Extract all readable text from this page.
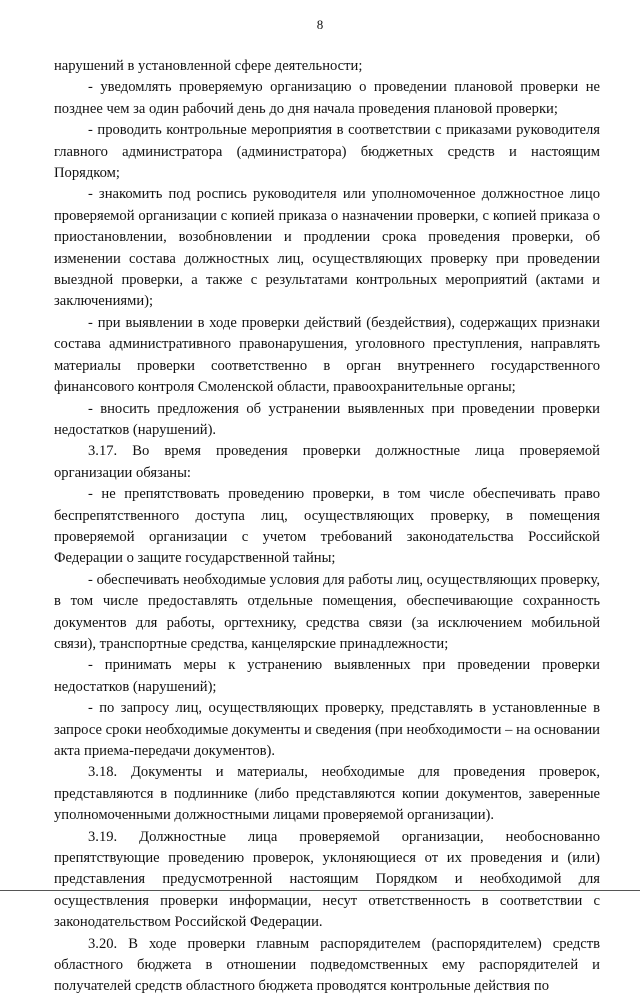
8

нарушений в установленной сфере деятельности;

- уведомлять проверяемую организацию о проведении плановой проверки не позднее чем за один рабочий день до дня начала проведения плановой проверки;

- проводить контрольные мероприятия в соответствии с приказами руководителя главного администратора (администратора) бюджетных средств и настоящим Порядком;

- знакомить под роспись руководителя или уполномоченное должностное лицо проверяемой организации с копией приказа о назначении проверки, с копией приказа о приостановлении, возобновлении и продлении срока проведения проверки, об изменении состава должностных лиц, осуществляющих проверку при проведении выездной проверки, а также с результатами контрольных мероприятий (актами и заключениями);

- при выявлении в ходе проверки действий (бездействия), содержащих признаки состава административного правонарушения, уголовного преступления, направлять материалы проверки соответственно в орган внутреннего государственного финансового контроля Смоленской области, правоохранительные органы;

- вносить предложения об устранении выявленных при проведении проверки недостатков (нарушений).

3.17. Во время проведения проверки должностные лица проверяемой организации обязаны:

- не препятствовать проведению проверки, в том числе обеспечивать право беспрепятственного доступа лиц, осуществляющих проверку, в помещения проверяемой организации с учетом требований законодательства Российской Федерации о защите государственной тайны;

- обеспечивать необходимые условия для работы лиц, осуществляющих проверку, в том числе предоставлять отдельные помещения, обеспечивающие сохранность документов для работы, оргтехнику, средства связи (за исключением мобильной связи), транспортные средства, канцелярские принадлежности;

- принимать меры к устранению выявленных при проведении проверки недостатков (нарушений);

- по запросу лиц, осуществляющих проверку, представлять в установленные в запросе сроки необходимые документы и сведения (при необходимости – на основании акта приема-передачи документов).

3.18. Документы и материалы, необходимые для проведения проверок, представляются в подлиннике (либо представляются копии документов, заверенные уполномоченными должностными лицами проверяемой организации).

3.19. Должностные лица проверяемой организации, необоснованно препятствующие проведению проверок, уклоняющиеся от их проведения и (или) представления предусмотренной настоящим Порядком и необходимой для осуществления проверки информации, несут ответственность в соответствии с законодательством Российской Федерации.

3.20. В ходе проверки главным распорядителем (распорядителем) средств областного бюджета в отношении подведомственных ему распорядителей и получателей средств областного бюджета проводятся контрольные действия по
